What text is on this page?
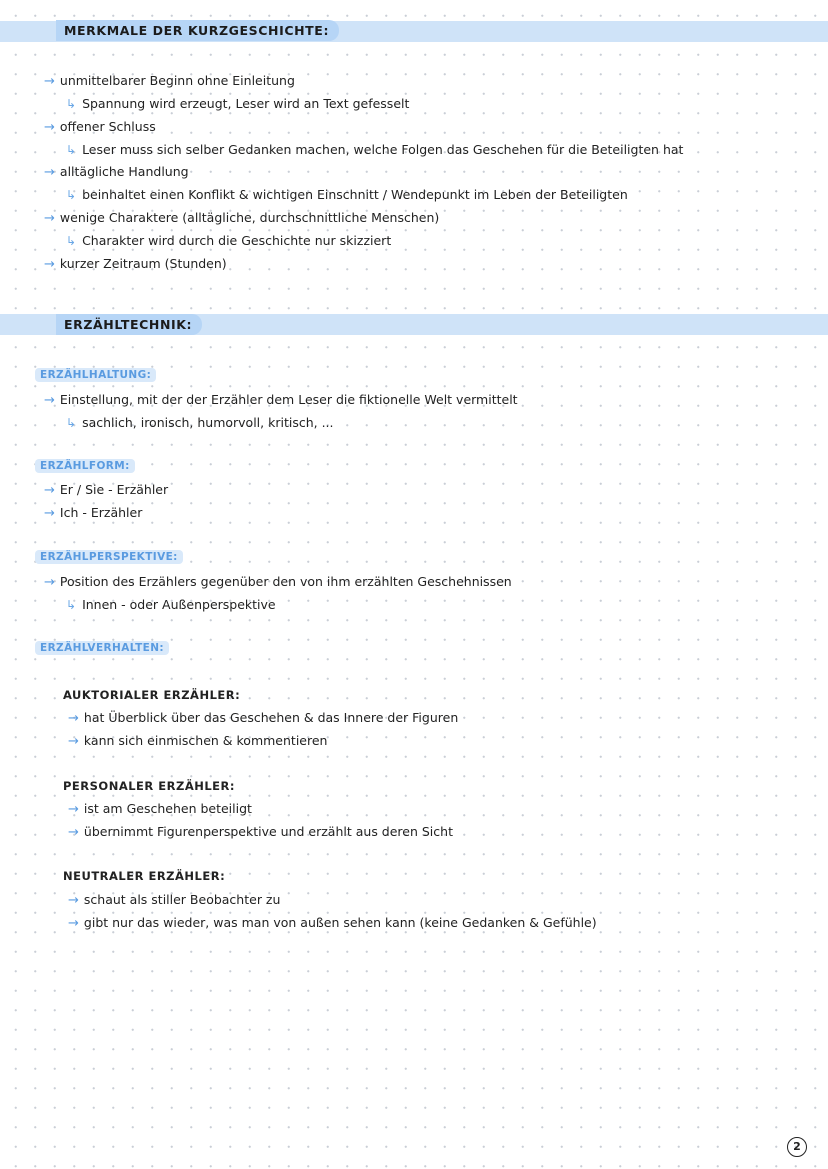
MERKMALE DER KURZGESCHICHTE:
→ unmittelbarer Beginn ohne Einleitung
↳ Spannung wird erzeugt, Leser wird an Text gefesselt
→ offener Schluss
↳ Leser muss sich selber Gedanken machen, welche Folgen das Geschehen für die Beteiligten hat
→ alltägliche Handlung
↳ beinhaltet einen Konflikt & wichtigen Einschnitt / Wendepunkt im Leben der Beteiligten
→ wenige Charaktere (alltägliche, durchschnittliche Menschen)
↳ Charakter wird durch die Geschichte nur skizziert
→ kurzer Zeitraum (Stunden)
ERZÄHLTECHNIK:
ERZÄHLHALTUNG:
→ Einstellung, mit der der Erzähler dem Leser die fiktionelle Welt vermittelt
↳ sachlich, ironisch, humorvoll, kritisch, ...
ERZÄHLFORM:
→ Er / Sie - Erzähler
→ Ich - Erzähler
ERZÄHLPERSPEKTIVE:
→ Position des Erzählers gegenüber den von ihm erzählten Geschehnissen
↳ Innen - oder Außenperspektive
ERZÄHLVERHALTEN:
AUKTORIALER ERZÄHLER:
→ hat Überblick über das Geschehen & das Innere der Figuren
→ kann sich einmischen & kommentieren
PERSONALER ERZÄHLER:
→ ist am Geschehen beteiligt
→ übernimmt Figurenperspektive und erzählt aus deren Sicht
NEUTRALER ERZÄHLER:
→ schaut als stiller Beobachter zu
→ gibt nur das wieder, was man von außen sehen kann (keine Gedanken & Gefühle)
2
